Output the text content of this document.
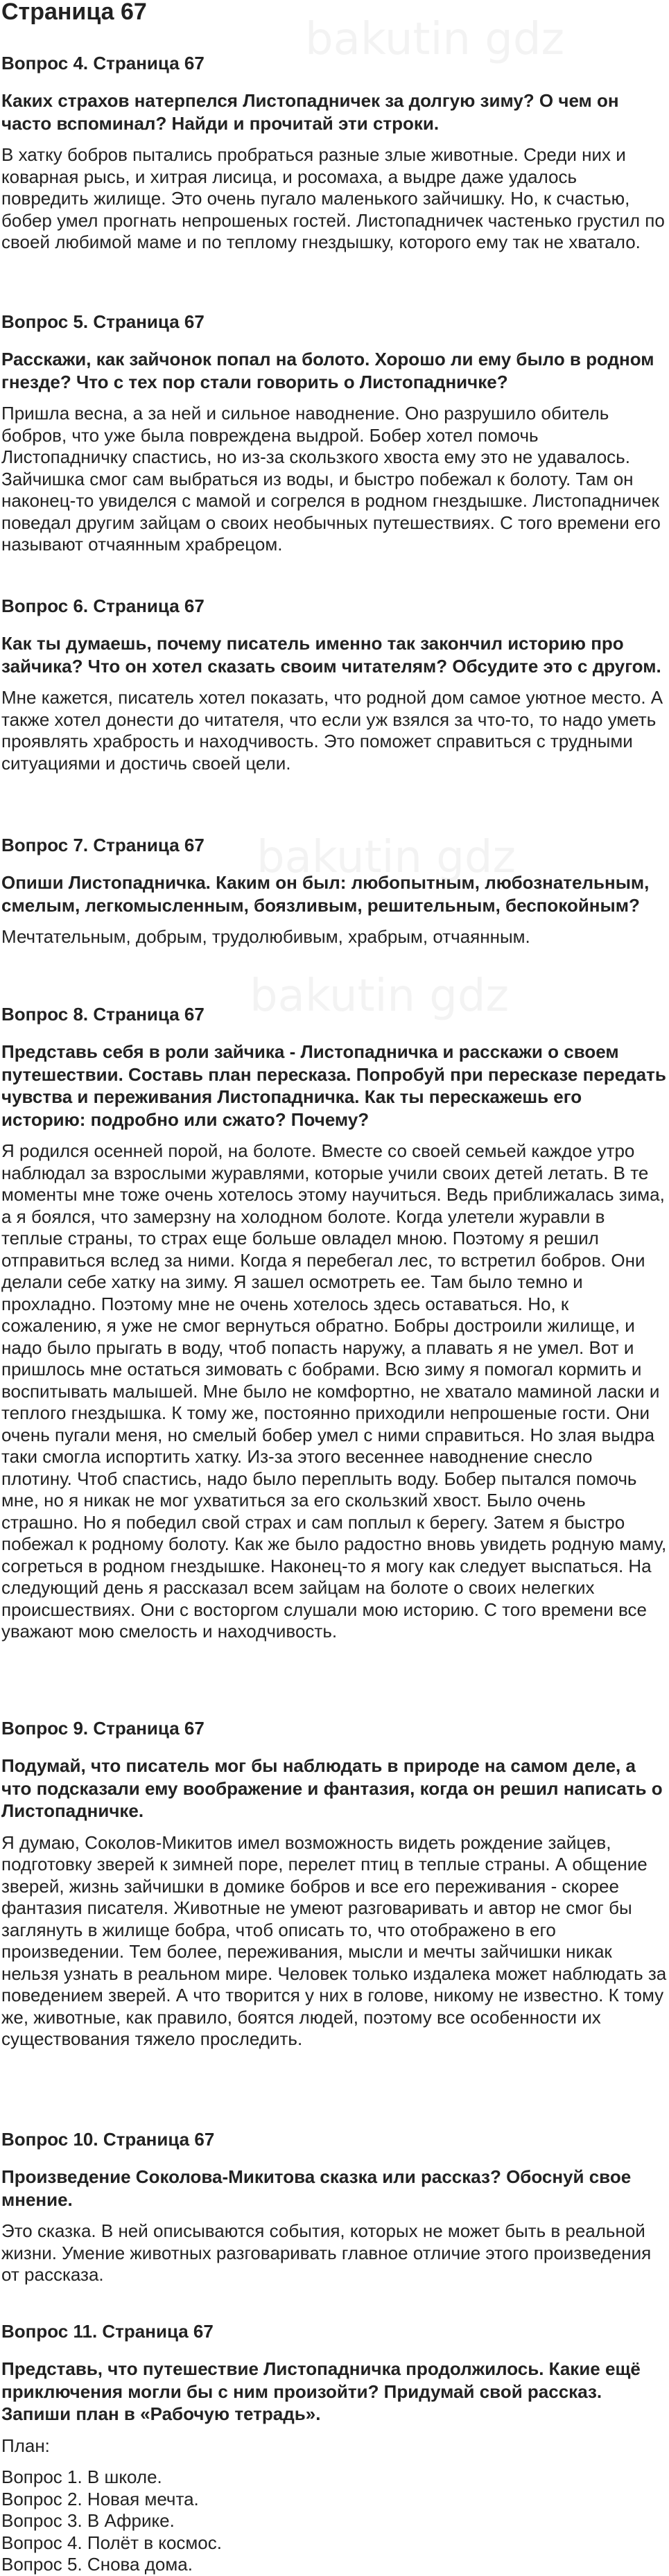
Страница 67
Вопрос 4. Страница 67

Каких страхов натерпелся Листопадничек за долгую зиму? О чем он часто вспоминал? Найди и прочитай эти строки.

В хатку бобров пытались пробраться разные злые животные. Среди них и коварная рысь, и хитрая лисица, и росомаха, а выдре даже удалось повредить жилище. Это очень пугало маленького зайчишку. Но, к счастью, бобер умел прогнать непрошеных гостей. Листопадничек частенько грустил по своей любимой маме и по теплому гнездышку, которого ему так не хватало.

Вопрос 5. Страница 67

Расскажи, как зайчонок попал на болото. Хорошо ли ему было в родном гнезде? Что с тех пор стали говорить о Листопадничке?

Пришла весна, а за ней и сильное наводнение. Оно разрушило обитель бобров, что уже была повреждена выдрой. Бобер хотел помочь Листопадничку спастись, но из-за скользкого хвоста ему это не удавалось. Зайчишка смог сам выбраться из воды, и быстро побежал к болоту. Там он наконец-то увиделся с мамой и согрелся в родном гнездышке. Листопадничек поведал другим зайцам о своих необычных путешествиях. С того времени его называют отчаянным храбрецом.

Вопрос 6. Страница 67

Как ты думаешь, почему писатель именно так закончил историю про зайчика? Что он хотел сказать своим читателям? Обсудите это с другом.

Мне кажется, писатель хотел показать, что родной дом самое уютное место. А также хотел донести до читателя, что если уж взялся за что-то, то надо уметь проявлять храбрость и находчивость. Это поможет справиться с трудными ситуациями и достичь своей цели.

Вопрос 7. Страница 67

Опиши Листопадничка. Каким он был: любопытным, любознательным, смелым, легкомысленным, боязливым, решительным, беспокойным?

Мечтательным, добрым, трудолюбивым, храбрым, отчаянным.

Вопрос 8. Страница 67

Представь себя в роли зайчика - Листопадничка и расскажи о своем путешествии. Составь план пересказа. Попробуй при пересказе передать чувства и переживания Листопадничка. Как ты перескажешь его историю: подробно или сжато? Почему?

Я родился осенней порой, на болоте. Вместе со своей семьей каждое утро наблюдал за взрослыми журавлями, которые учили своих детей летать. В те моменты мне тоже очень хотелось этому научиться. Ведь приближалась зима, а я боялся, что замерзну на холодном болоте. Когда улетели журавли в теплые страны, то страх еще больше овладел мною. Поэтому я решил отправиться вслед за ними. Когда я перебегал лес, то встретил бобров. Они делали себе хатку на зиму. Я зашел осмотреть ее. Там было темно и прохладно. Поэтому мне не очень хотелось здесь оставаться. Но, к сожалению, я уже не смог вернуться обратно. Бобры достроили жилище, и надо было прыгать в воду, чтоб попасть наружу, а плавать я не умел. Вот и пришлось мне остаться зимовать с бобрами. Всю зиму я помогал кормить и воспитывать малышей. Мне было не комфортно, не хватало маминой ласки и теплого гнездышка. К тому же, постоянно приходили непрошеные гости. Они очень пугали меня, но смелый бобер умел с ними справиться. Но злая выдра таки смогла испортить хатку. Из-за этого весеннее наводнение снесло плотину. Чтоб спастись, надо было переплыть воду. Бобер пытался помочь мне, но я никак не мог ухватиться за его скользкий хвост. Было очень страшно. Но я победил свой страх и сам поплыл к берегу. Затем я быстро побежал к родному болоту. Как же было радостно вновь увидеть родную маму, согреться в родном гнездышке. Наконец-то я могу как следует выспаться. На следующий день я рассказал всем зайцам на болоте о своих нелегких происшествиях. Они с восторгом слушали мою историю. С того времени все уважают мою смелость и находчивость.

Вопрос 9. Страница 67

Подумай, что писатель мог бы наблюдать в природе на самом деле, а что подсказали ему воображение и фантазия, когда он решил написать о Листопадничке.

Я думаю, Соколов-Микитов имел возможность видеть рождение зайцев, подготовку зверей к зимней поре, перелет птиц в теплые страны. А общение зверей, жизнь зайчишки в домике бобров и все его переживания - скорее фантазия писателя. Животные не умеют разговаривать и автор не смог бы заглянуть в жилище бобра, чтоб описать то, что отображено в его произведении. Тем более, переживания, мысли и мечты зайчишки никак нельзя узнать в реальном мире. Человек только издалека может наблюдать за поведением зверей. А что творится у них в голове, никому не известно. К тому же, животные, как правило, боятся людей, поэтому все особенности их существования тяжело проследить.

Вопрос 10. Страница 67

Произведение Соколова-Микитова сказка или рассказ? Обоснуй свое мнение.

Это сказка. В ней описываются события, которых не может быть в реальной жизни. Умение животных разговаривать главное отличие этого произведения от рассказа.

Вопрос 11. Страница 67

Представь, что путешествие Листопадничка продолжилось. Какие ещё приключения могли бы с ним произойти? Придумай свой рассказ. Запиши план в «Рабочую тетрадь».

План:

Вопрос 1. В школе.
Вопрос 2. Новая мечта.
Вопрос 3. В Африке.
Вопрос 4. Полёт в космос.
Вопрос 5. Снова дома.
